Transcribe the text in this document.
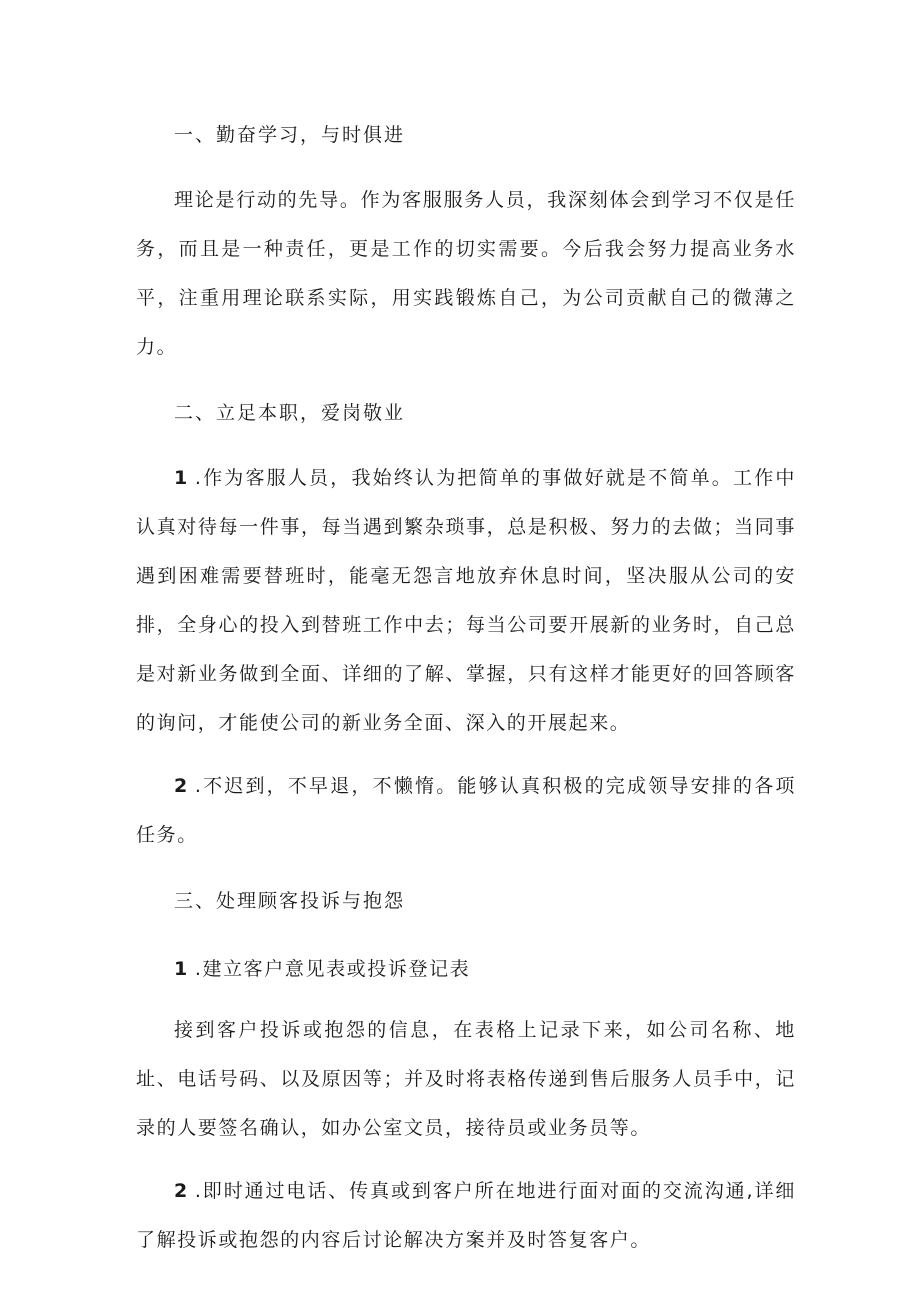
一、勤奋学习，与时俱进

理论是行动的先导。作为客服服务人员，我深刻体会到学习不仅是任务，而且是一种责任，更是工作的切实需要。今后我会努力提高业务水平，注重用理论联系实际，用实践锻炼自己，为公司贡献自己的微薄之力。

二、立足本职，爱岗敬业

1 .作为客服人员，我始终认为把简单的事做好就是不简单。工作中认真对待每一件事，每当遇到繁杂琐事，总是积极、努力的去做；当同事遇到困难需要替班时，能毫无怨言地放弃休息时间，坚决服从公司的安排，全身心的投入到替班工作中去；每当公司要开展新的业务时，自己总是对新业务做到全面、详细的了解、掌握，只有这样才能更好的回答顾客的询问，才能使公司的新业务全面、深入的开展起来。

2 .不迟到，不早退，不懒惰。能够认真积极的完成领导安排的各项任务。

三、处理顾客投诉与抱怨
1 .建立客户意见表或投诉登记表

接到客户投诉或抱怨的信息，在表格上记录下来，如公司名称、地址、电话号码、以及原因等；并及时将表格传递到售后服务人员手中，记录的人要签名确认，如办公室文员，接待员或业务员等。

2 .即时通过电话、传真或到客户所在地进行面对面的交流沟通,详细了解投诉或抱怨的内容后讨论解决方案并及时答复客户。
